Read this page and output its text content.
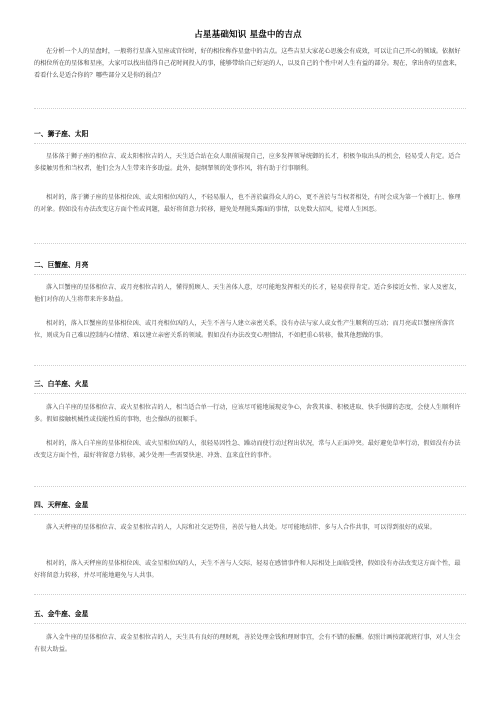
占星基础知识 星盘中的吉点
在分析一个人的星盘时，一般将行星落入星座或宫位时，好的相位称作星盘中的吉点。这些吉星大家花心思後会有成效，可以让自己开心的领域。依据好的相位所在的星体和星座，大家可以找出值得自己花时间投入的事，能够带给自己好运的人，以及自己的个性中对人生有益的部分。现在，拿出你的星盘来，看看什么是适合你的？哪些部分又是你的弱点？
一、狮子座、太阳
星体落于狮子座的相位吉、或太阳相位吉的人，天生适合站在众人眼前展现自己，应多发挥领导统御的长才，积极争取出头的机会，轻易受人肯定。适合多接触男性和当权者，他们会为人生带来许多助益。此外，提纲挈领的处事作风，将有助于行事顺利。
相对的，落于狮子座的星体相位凶、或太阳相位凶的人，不轻易服人，也不善於赢得众人的心，更不善於与当权者相处，有时会成为第一个被盯上、修理的对象。假如没有办法改变这方面个性或问题，最好将留意力转移，避免处理抛头露面的事情，以免数大招风，徒增人生困恶。
二、巨蟹座、月亮
落入巨蟹座的星体相位吉、或月亮相位吉的人，懂得照顾人、天生善体人意，尽可能地发挥相关的长才，轻易获得肯定。适合多接近女性、家人及密友，他们对你的人生将带来许多助益。
相对的，落入巨蟹座的星体相位凶、或月亮相位凶的人，天生不善与人建立亲密关系，没有办法与家人或女性产生顺利的互动；而月亮或巨蟹座所落宫位，则成为自己难以控制内心情绪、难以建立亲密关系的领域。假如没有办法改变心理情结，不如把重心转移，做其他想做的事。
三、白羊座、火星
落入白羊座的星体相位吉、或火星相位吉的人，相当适合单一行动，应该尽可能地展现竞争心，舍我其谁、积极进取、快手快脚的态度，会使人生顺利许多。假如接触机械性或技能性质的事物，也会操纵的很顺手。
相对的，落入白羊座的星体相位凶、或火星相位凶的人，很轻易因性急、躁动而使行动过程出状况，常与人正面冲突。最好避免草率行动，假如没有办法改变这方面个性，最好将留意力转移，减少处理一些需要快速、冲劲、直来直往的事件。
四、天秤座、金星
落入天秤座的星体相位吉、或金星相位吉的人，人际和社交运势佳，善於与他人共处。尽可能地结伴、多与人合作共事，可以得到很好的成果。
相对的，落入天秤座的星体相位凶、或金星相位凶的人，天生不善与人交际，轻易在感情事件和人际相处上面临受挫，假如没有办法改变这方面个性，最好将留意力转移，并尽可能地避免与人共事。
五、金牛座、金星
落入金牛座的星体相位吉、或金星相位吉的人，天生具有良好的理财观，善於处理金钱和理财事宜，会有不错的报酬。依照计画按部就班行事，对人生会有很大助益。
